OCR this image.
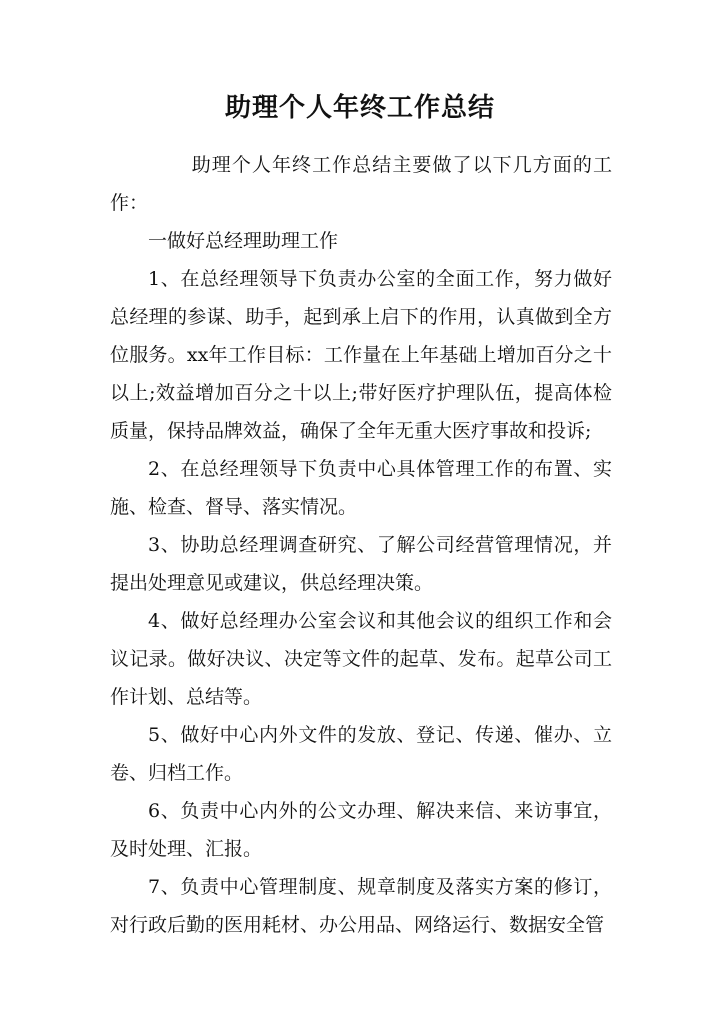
助理个人年终工作总结

助理个人年终工作总结主要做了以下几方面的工作：

一做好总经理助理工作

1、在总经理领导下负责办公室的全面工作，努力做好总经理的参谋、助手，起到承上启下的作用，认真做到全方位服务。xx年工作目标：工作量在上年基础上增加百分之十以上;效益增加百分之十以上;带好医疗护理队伍，提高体检质量，保持品牌效益，确保了全年无重大医疗事故和投诉;

2、在总经理领导下负责中心具体管理工作的布置、实施、检查、督导、落实情况。

3、协助总经理调查研究、了解公司经营管理情况，并提出处理意见或建议，供总经理决策。

4、做好总经理办公室会议和其他会议的组织工作和会议记录。做好决议、决定等文件的起草、发布。起草公司工作计划、总结等。

5、做好中心内外文件的发放、登记、传递、催办、立卷、归档工作。

6、负责中心内外的公文办理、解决来信、来访事宜，及时处理、汇报。

7、负责中心管理制度、规章制度及落实方案的修订，对行政后勤的医用耗材、办公用品、网络运行、数据安全管
